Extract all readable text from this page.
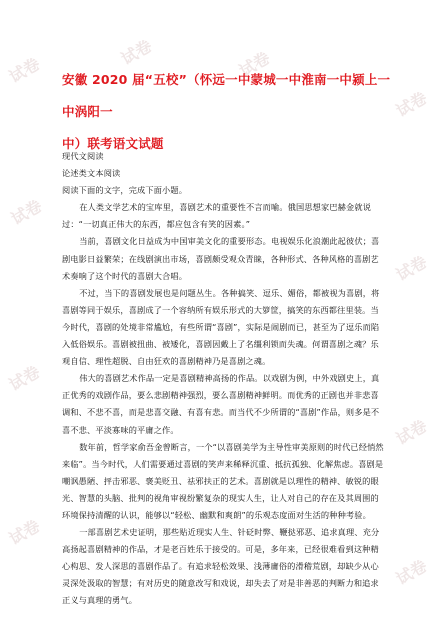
试卷
试卷	试卷
试卷
试卷
试卷
试卷
试卷
试卷
试卷
安徽 2020 届“五校”（怀远一中蒙城一中淮南一中颍上一中涡阳一
中）联考语文试题

现代文阅读

论述类文本阅读

阅读下面的文字，完成下面小题。

在人类文学艺术的宝库里，喜剧艺术的重要性不言而喻。俄国思想家巴赫金就说过：“一切真正伟大的东西，都应包含有笑的因素。”

当前，喜剧文化日益成为中国审美文化的重要形态。电视娱乐化浪潮此起彼伏；喜剧电影日益繁荣；在线剧演出市场，喜剧颇受观众青睐，各种形式、各种风格的喜剧艺术奏响了这个时代的喜剧大合唱。

不过，当下的喜剧发展也是问题丛生。各种搞笑、逗乐、媚俗，都被视为喜剧，将喜剧等同于娱乐，喜剧成了一个容纳所有娱乐形式的大箩筐，搞笑的东西都往里装。当今时代，喜剧的处境非常尴尬，有些所谓“喜剧”，实际是闹剧而已，甚至为了逗乐而陷入低俗娱乐。喜剧被扭曲、被矮化，喜剧因戴上了名缰利锁而失魂。何谓喜剧之魂？乐观自信、理性超脱、自由狂欢的喜剧精神乃是喜剧之魂。

伟大的喜剧艺术作品一定是喜剧精神高扬的作品。以戏剧为例，中外戏剧史上，真正优秀的戏剧作品，要么悲剧精神强烈，要么喜剧精神鲜明。而优秀的正剧也并非悲喜调和、不悲不喜，而是悲喜交融、有喜有悲。而当代不少所谓的“喜剧”作品，则多是不喜不悲、平淡寡味的平庸之作。

数年前，哲学家俞吾金曾断言，一个“以喜剧美学为主导性审美原则的时代已经悄然来临”。当今时代，人们需要通过喜剧的笑声来稀释沉重、抵抗孤独、化解焦虑。喜剧是嘲讽愚陋、抨击邪恶、褒美贬丑、祛邪扶正的艺术。喜剧就是以理性的精神、敏锐的眼光、智慧的头脑、批判的视角审视纷繁复杂的现实人生，让人对自己的存在及其周围的环境保持清醒的认识，能够以“轻松、幽默和爽朗”的乐观态度面对生活的种种考验。

一部喜剧艺术史证明，那些贴近现实人生、针砭时弊、鞭挞邪恶、追求真理、充分高扬起喜剧精神的作品，才是老百姓乐于接受的。可是，多年来，已经很难看到这种精心构思、发人深思的喜剧作品了。有追求轻松效果、浅薄庸俗的滑稽荒剧，却缺少从心灵深处汲取的智慧；有对历史的随意改写和戏说，却失去了对是非善恶的判断力和追求正义与真理的勇气。
